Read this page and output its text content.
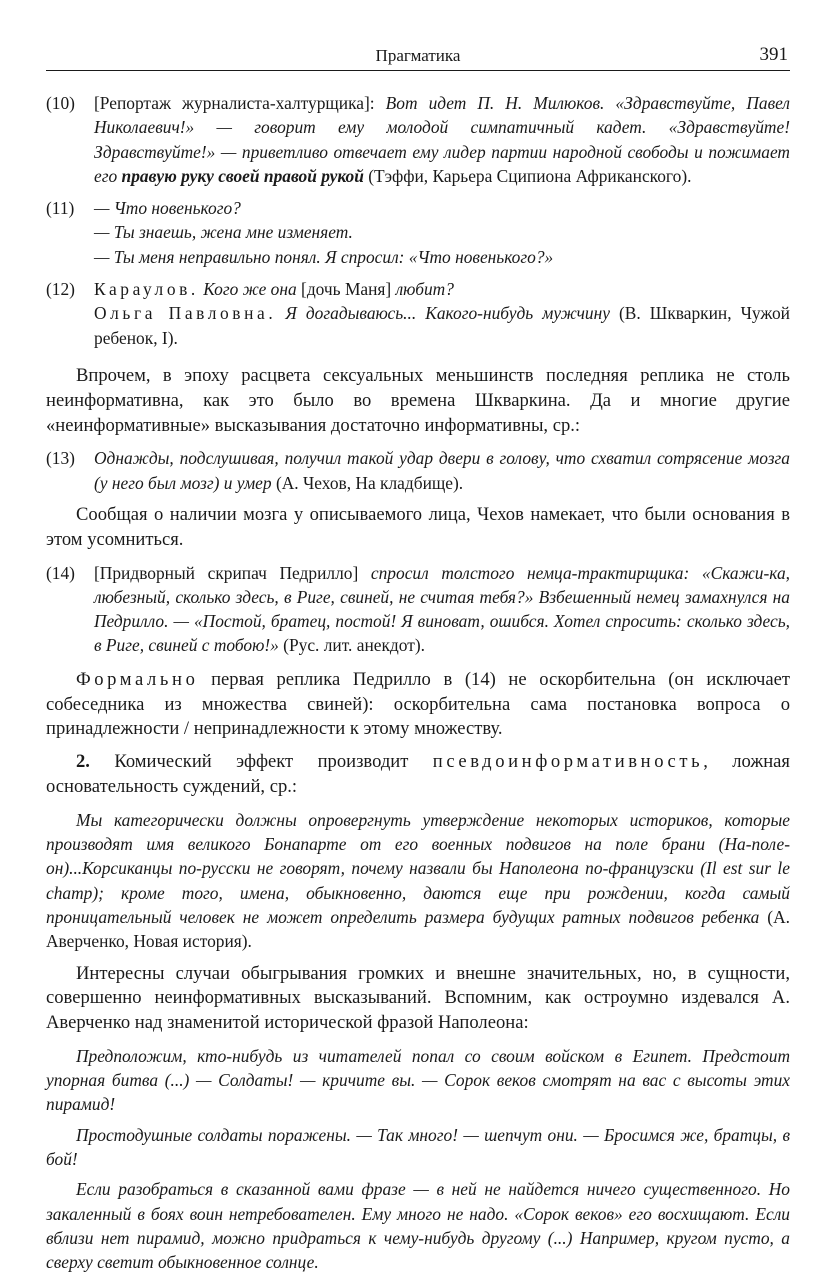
Прагматика	391
(10) [Репортаж журналиста-халтурщика]: Вот идет П. Н. Милюков. «Здравствуйте, Павел Николаевич!» — говорит ему молодой симпатичный кадет. «Здравствуйте! Здравствуйте!» — приветливо отвечает ему лидер партии народной свободы и пожимает его правую руку своей правой рукой (Тэффи, Карьера Сципиона Африканского).
(11) — Что новенького?
— Ты знаешь, жена мне изменяет.
— Ты меня неправильно понял. Я спросил: «Что новенького?»
(12) Караулов. Кого же она [дочь Маня] любит?
Ольга Павловна. Я догадываюсь... Какого-нибудь мужчину (В. Шкваркин, Чужой ребенок, I).

Впрочем, в эпоху расцвета сексуальных меньшинств последняя реплика не столь неинформативна, как это было во времена Шкваркина. Да и многие другие «неинформативные» высказывания достаточно информативны, ср.:

(13) Однажды, подслушивая, получил такой удар двери в голову, что схватил сотрясение мозга (у него был мозг) и умер (А. Чехов, На кладбище).

Сообщая о наличии мозга у описываемого лица, Чехов намекает, что были основания в этом усомниться.

(14) [Придворный скрипач Педрилло] спросил толстого немца-трактирщика: «Скажи-ка, любезный, сколько здесь, в Риге, свиней, не считая тебя?» Взбешенный немец замахнулся на Педрилло. — «Постой, братец, постой! Я виноват, ошибся. Хотел спросить: сколько здесь, в Риге, свиней с тобою!» (Рус. лит. анекдот).

Формально первая реплика Педрилло в (14) не оскорбительна (он исключает собеседника из множества свиней): оскорбительна сама постановка вопроса о принадлежности / непринадлежности к этому множеству.

2. Комический эффект производит псевдоинформативность, ложная основательность суждений, ср.:

Мы категорически должны опровергнуть утверждение некоторых историков, которые производят имя великого Бонапарте от его военных подвигов на поле брани (На-поле-он)...Корсиканцы по-русски не говорят, почему назвали бы Наполеона по-французски (Il est sur le champ); кроме того, имена, обыкновенно, даются еще при рождении, когда самый проницательный человек не может определить размера будущих ратных подвигов ребенка (А. Аверченко, Новая история).

Интересны случаи обыгрывания громких и внешне значительных, но, в сущности, совершенно неинформативных высказываний. Вспомним, как остроумно издевался А. Аверченко над знаменитой исторической фразой Наполеона:

Предположим, кто-нибудь из читателей попал со своим войском в Египет. Предстоит упорная битва (...) — Солдаты! — кричите вы. — Сорок веков смотрят на вас с высоты этих пирамид!

Простодушные солдаты поражены. — Так много! — шепчут они. — Бросимся же, братцы, в бой!

Если разобраться в сказанной вами фразе — в ней не найдется ничего существенного. Но закаленный в боях воин нетребователен. Ему много не надо. «Сорок веков» его восхищают. Если вблизи нет пирамид, можно придраться к чему-нибудь другому (...) Например, кругом пусто, а сверху светит обыкновенное солнце.
